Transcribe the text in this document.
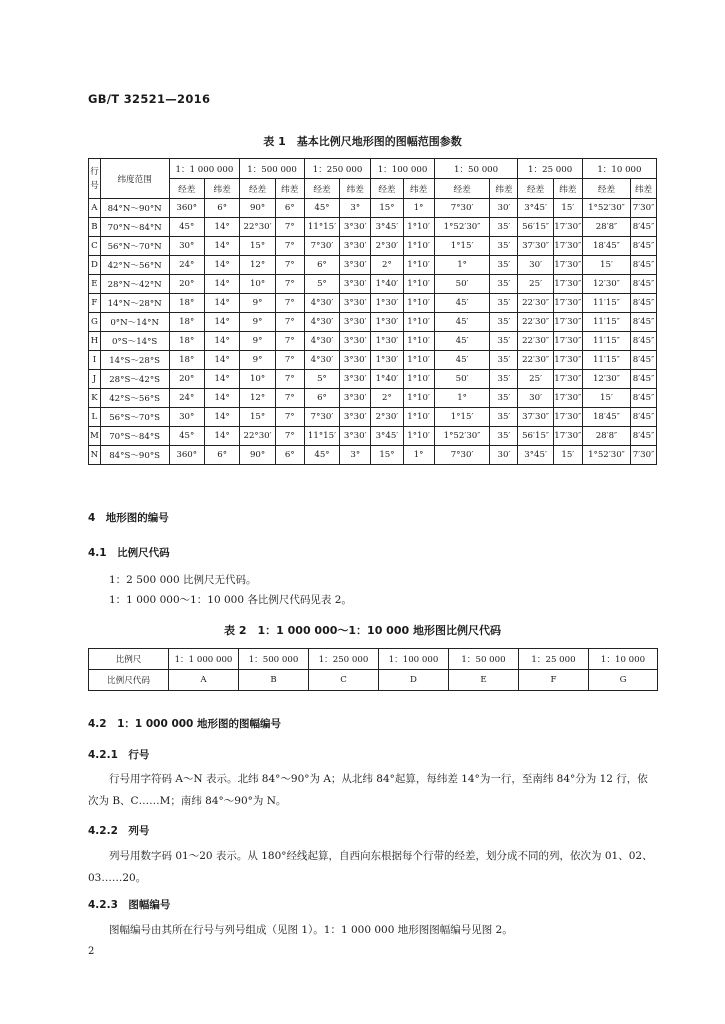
GB/T 32521—2016
表 1　基本比例尺地形图的图幅范围参数
行号	纬度范围	1：1 000 000		1：500 000		1：250 000		1：100 000		1：50 000		1：25 000		1：10 000	
		经差	纬差	经差	纬差	经差	纬差	经差	纬差	经差	纬差	经差	纬差	经差	纬差
A	84°N～90°N	360°	6°	90°	6°	45°	3°	15°	1°	7°30′	30′	3°45′	15′	1°52′30″	7′30″
B	70°N～84°N	45°	14°	22°30′	7°	11°15′	3°30′	3°45′	1°10′	1°52′30″	35′	56′15″	17′30″	28′8″	8′45″
C	56°N～70°N	30°	14°	15°	7°	7°30′	3°30′	2°30′	1°10′	1°15′	35′	37′30″	17′30″	18′45″	8′45″
D	42°N～56°N	24°	14°	12°	7°	6°	3°30′	2°	1°10′	1°	35′	30′	17′30″	15′	8′45″
E	28°N～42°N	20°	14°	10°	7°	5°	3°30′	1°40′	1°10′	50′	35′	25′	17′30″	12′30″	8′45″
F	14°N～28°N	18°	14°	9°	7°	4°30′	3°30′	1°30′	1°10′	45′	35′	22′30″	17′30″	11′15″	8′45″
G	0°N～14°N	18°	14°	9°	7°	4°30′	3°30′	1°30′	1°10′	45′	35′	22′30″	17′30″	11′15″	8′45″
H	0°S～14°S	18°	14°	9°	7°	4°30′	3°30′	1°30′	1°10′	45′	35′	22′30″	17′30″	11′15″	8′45″
I	14°S～28°S	18°	14°	9°	7°	4°30′	3°30′	1°30′	1°10′	45′	35′	22′30″	17′30″	11′15″	8′45″
J	28°S～42°S	20°	14°	10°	7°	5°	3°30′	1°40′	1°10′	50′	35′	25′	17′30″	12′30″	8′45″
K	42°S～56°S	24°	14°	12°	7°	6°	3°30′	2°	1°10′	1°	35′	30′	17′30″	15′	8′45″
L	56°S～70°S	30°	14°	15°	7°	7°30′	3°30′	2°30′	1°10′	1°15′	35′	37′30″	17′30″	18′45″	8′45″
M	70°S～84°S	45°	14°	22°30′	7°	11°15′	3°30′	3°45′	1°10′	1°52′30″	35′	56′15″	17′30″	28′8″	8′45″
N	84°S～90°S	360°	6°	90°	6°	45°	3°	15°	1°	7°30′	30′	3°45′	15′	1°52′30″	7′30″
4　地形图的编号
4.1　比例尺代码
1：2 500 000 比例尺无代码。
1：1 000 000～1：10 000 各比例尺代码见表 2。
表 2　1：1 000 000～1：10 000 地形图比例尺代码
比例尺	1：1 000 000	1：500 000	1：250 000	1：100 000	1：50 000	1：25 000	1：10 000
比例尺代码	A	B	C	D	E	F	G
4.2　1：1 000 000 地形图的图幅编号
4.2.1　行号
行号用字符码 A～N 表示。北纬 84°～90°为 A；从北纬 84°起算，每纬差 14°为一行，至南纬 84°分为 12 行，依次为 B、C……M；南纬 84°～90°为 N。
4.2.2　列号
列号用数字码 01～20 表示。从 180°经线起算，自西向东根据每个行带的经差，划分成不同的列，依次为 01、02、03……20。
4.2.3　图幅编号
图幅编号由其所在行号与列号组成（见图 1）。1：1 000 000 地形图图幅编号见图 2。
2
